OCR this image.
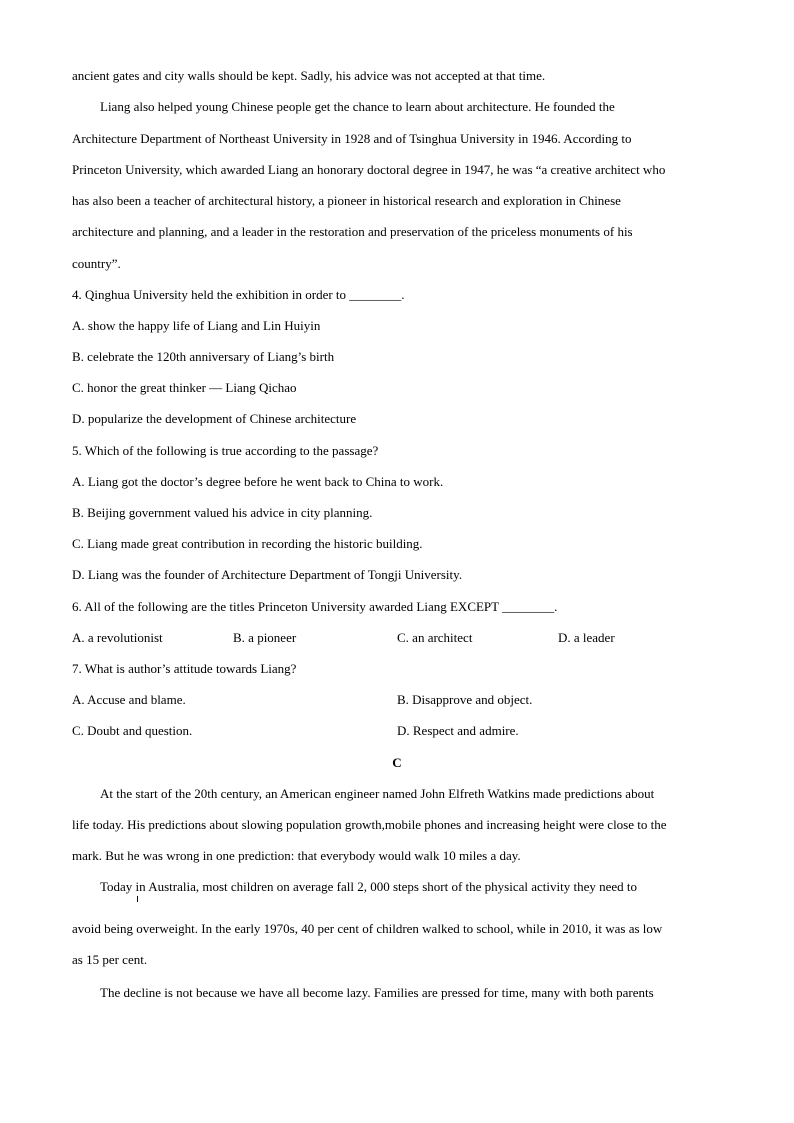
ancient gates and city walls should be kept. Sadly, his advice was not accepted at that time.
Liang also helped young Chinese people get the chance to learn about architecture. He founded the
Architecture Department of Northeast University in 1928 and of Tsinghua University in 1946. According to
Princeton University, which awarded Liang an honorary doctoral degree in 1947, he was “a creative architect who
has also been a teacher of architectural history, a pioneer in historical research and exploration in Chinese
architecture and planning, and a leader in the restoration and preservation of the priceless monuments of his
country”.
4. Qinghua University held the exhibition in order to ________.
A. show the happy life of Liang and Lin Huiyin
B. celebrate the 120th anniversary of Liang’s birth
C. honor the great thinker — Liang Qichao
D. popularize the development of Chinese architecture
5. Which of the following is true according to the passage?
A. Liang got the doctor’s degree before he went back to China to work.
B. Beijing government valued his advice in city planning.
C. Liang made great contribution in recording the historic building.
D. Liang was the founder of Architecture Department of Tongji University.
6. All of the following are the titles Princeton University awarded Liang EXCEPT ________.
A. a revolutionist	B. a pioneer	C. an architect	D. a leader
7. What is author’s attitude towards Liang?
A. Accuse and blame.	B. Disapprove and object.
C. Doubt and question.	D. Respect and admire.
C
At the start of the 20th century, an American engineer named John Elfreth Watkins made predictions about
life today. His predictions about slowing population growth,mobile phones and increasing height were close to the
mark. But he was wrong in one prediction: that everybody would walk 10 miles a day.
Today in Australia, most children on average fall 2, 000 steps short of the physical activity they need to
avoid being overweight. In the early 1970s, 40 per cent of children walked to school, while in 2010, it was as low
as 15 per cent.
The decline is not because we have all become lazy. Families are pressed for time, many with both parents
